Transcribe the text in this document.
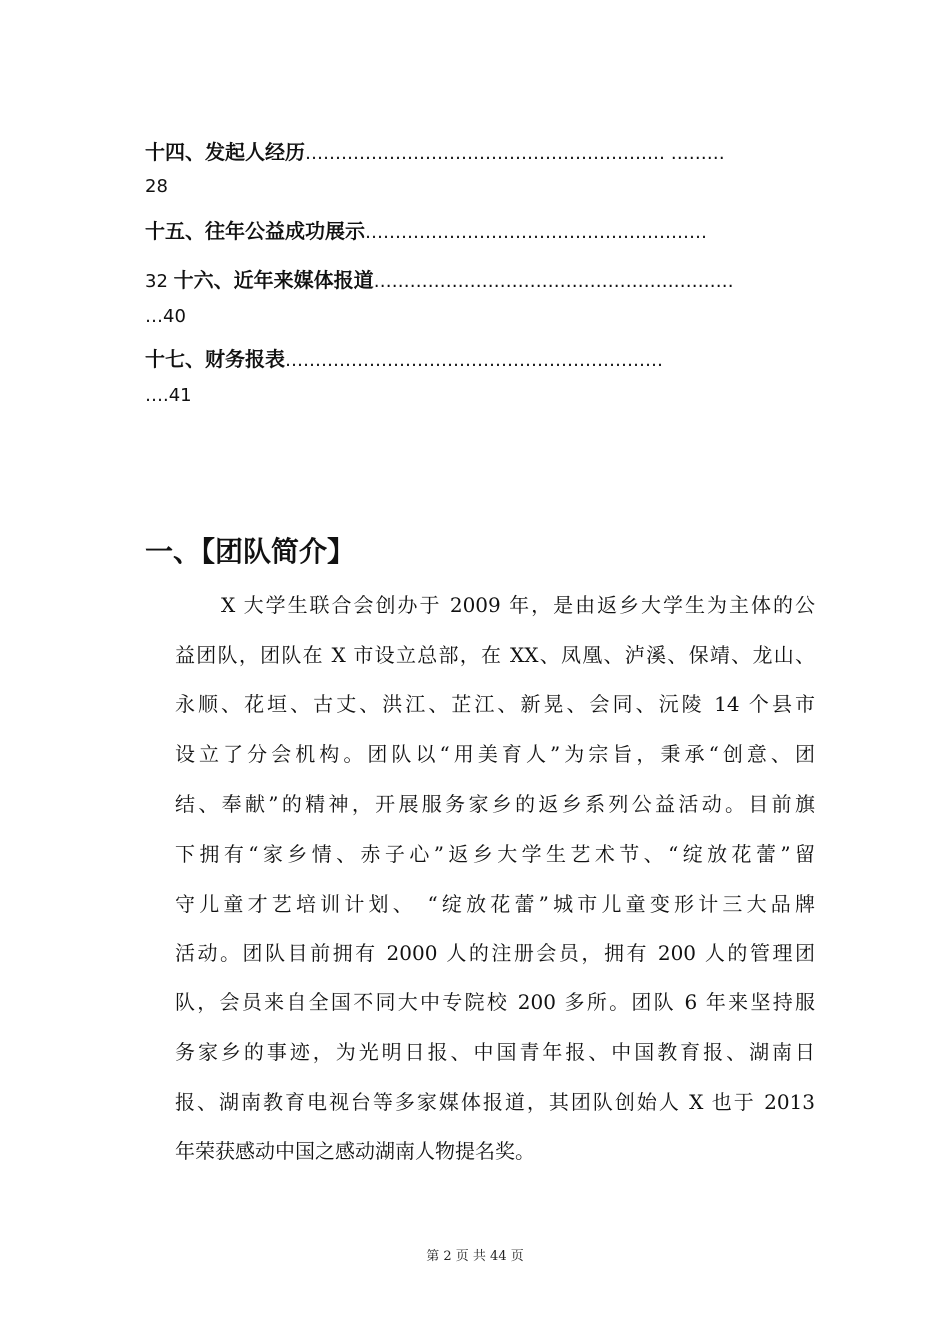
十四、发起人经历…………………………………………………… ………
28
十五、往年公益成功展示…………………………………………………
32 十六、近年来媒体报道……………………………………………………
…40
十七、财务报表………………………………………………………
….41
一、【团队简介】
X 大学生联合会创办于 2009 年，是由返乡大学生为主体的公
益团队，团队在 X 市设立总部，在 XX、凤凰、泸溪、保靖、龙山、
永顺、花垣、古丈、洪江、芷江、新晃、会同、沅陵 14 个县市
设立了分会机构。团队以“用美育人”为宗旨，秉承“创意、团
结、奉献”的精神，开展服务家乡的返乡系列公益活动。目前旗
下拥有“家乡情、赤子心”返乡大学生艺术节、“绽放花蕾”留
守儿童才艺培训计划、 “绽放花蕾”城市儿童变形计三大品牌
活动。团队目前拥有 2000 人的注册会员，拥有 200 人的管理团
队，会员来自全国不同大中专院校 200 多所。团队 6 年来坚持服
务家乡的事迹，为光明日报、中国青年报、中国教育报、湖南日
报、湖南教育电视台等多家媒体报道，其团队创始人 X 也于 2013
年荣获感动中国之感动湖南人物提名奖。
第 2 页 共 44 页
